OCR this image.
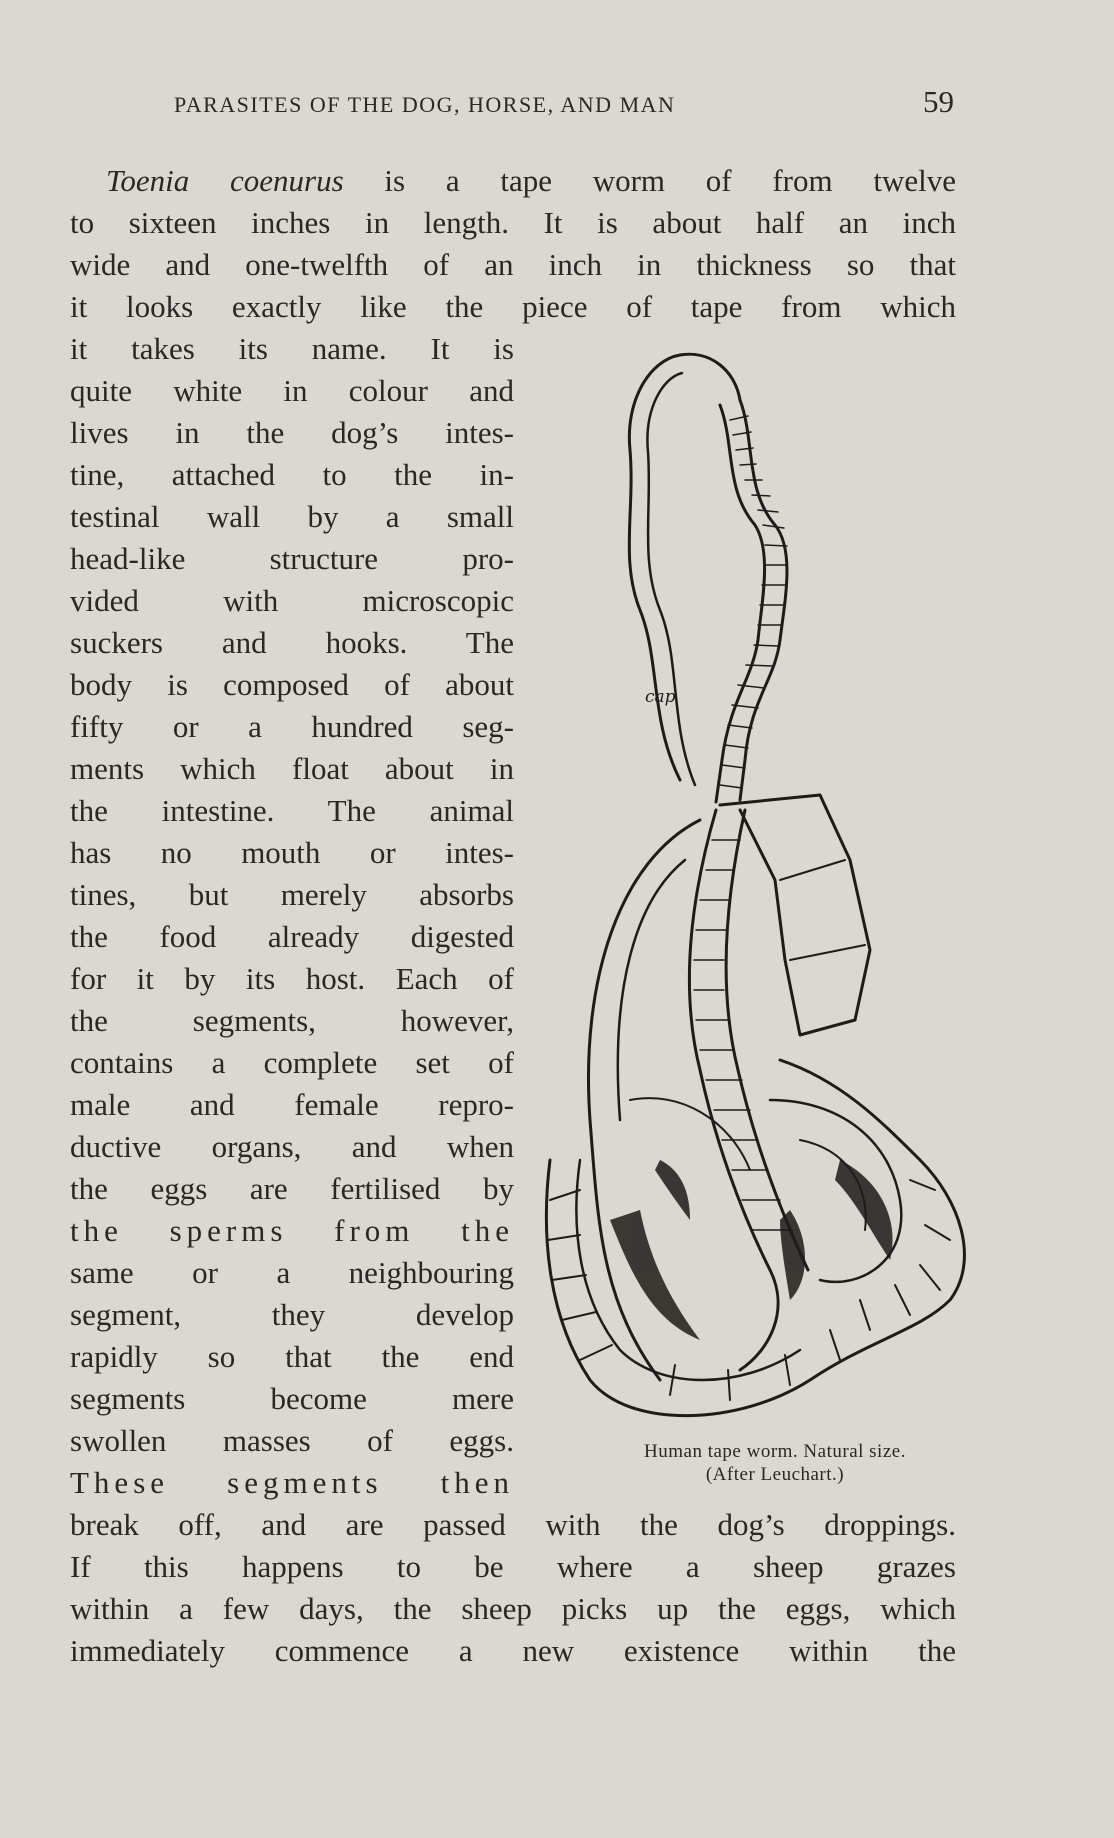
PARASITES OF THE DOG, HORSE, AND MAN	59
Toenia coenurus is a tape worm of from twelve
to sixteen inches in length. It is about half an inch
wide and one-twelfth of an inch in thickness so that
it looks exactly like the piece of tape from which
it takes its name. It is
quite white in colour and
lives in the dog’s intes-
tine, attached to the in-
testinal wall by a small
head-like structure pro-
vided with microscopic
suckers and hooks. The
body is composed of about
fifty or a hundred seg-
ments which float about in
the intestine. The animal
has no mouth or intes-
tines, but merely absorbs
the food already digested
for it by its host. Each of
the segments, however,
contains a complete set of
male and female repro-
ductive organs, and when
the eggs are fertilised by
the sperms from the
same or a neighbouring
segment, they develop
rapidly so that the end
segments become mere
swollen masses of eggs.
These segments then
break off, and are passed with the dog’s droppings.
If this happens to be where a sheep grazes
within a few days, the sheep picks up the eggs, which
immediately commence a new existence within the
cap
Human tape worm. Natural size.
(After Leuchart.)
